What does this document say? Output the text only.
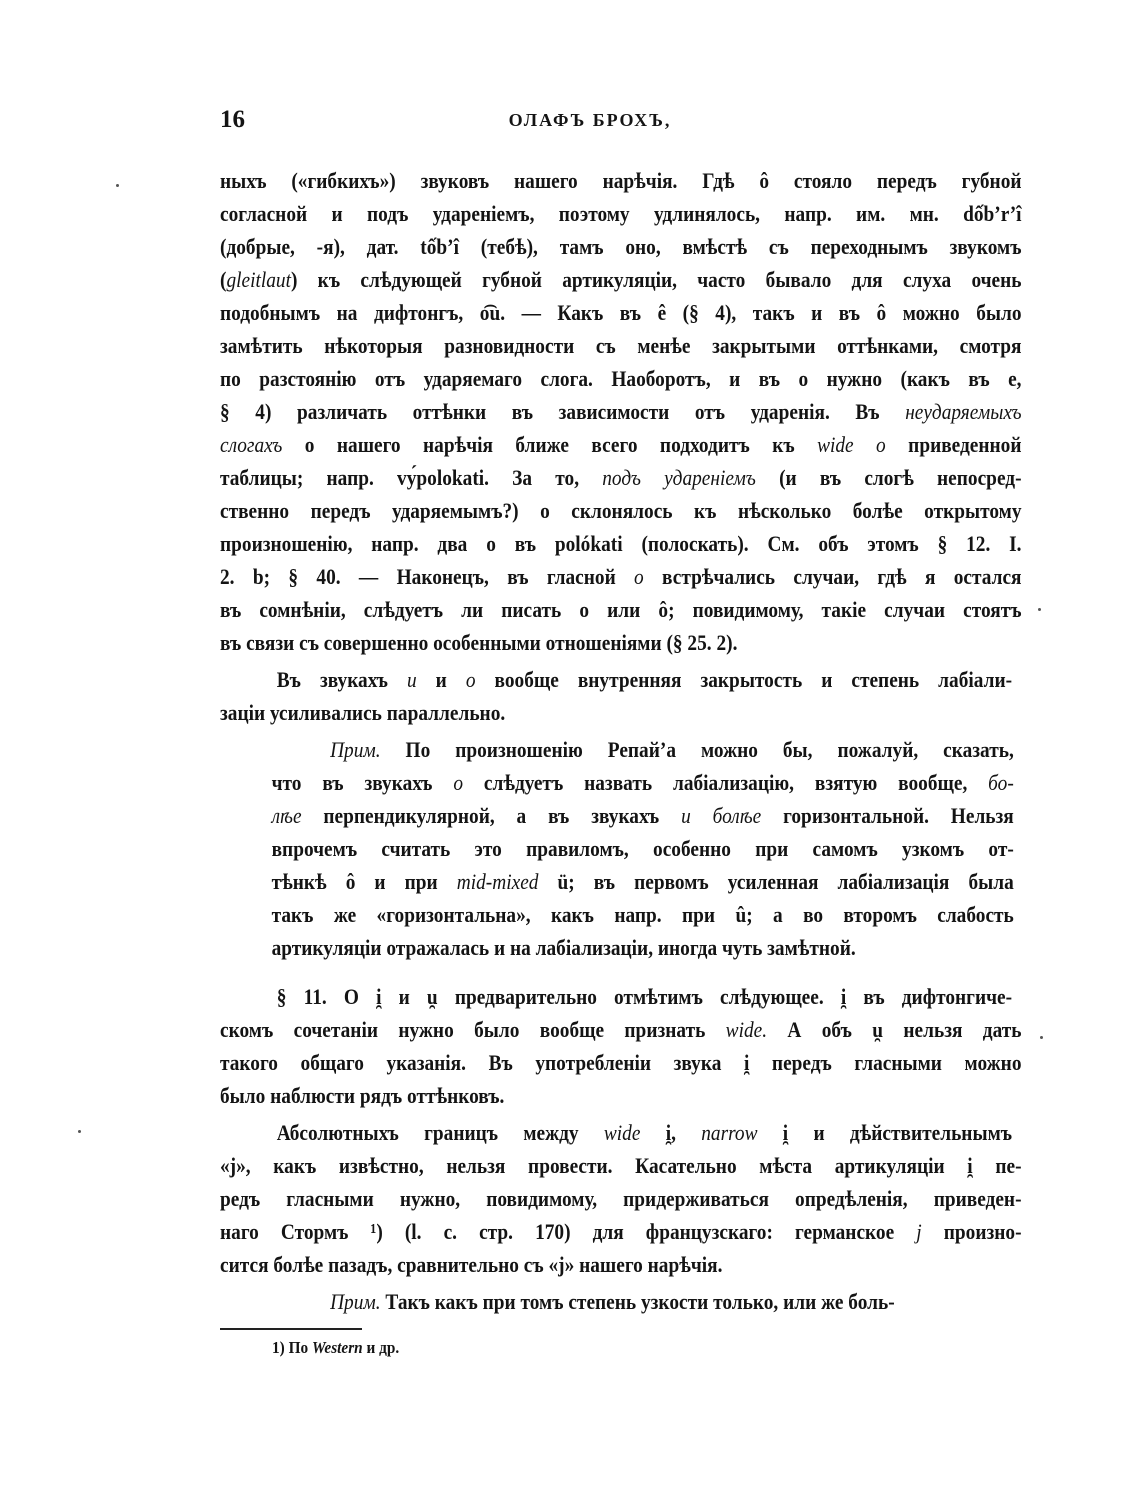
16	ОЛАФЪ БРОХЪ,
ныхъ («гибкихъ») звуковъ нашего нарѣчія. Гдѣ ô стояло передъ губной
согласной и подъ удареніемъ, поэтому удлинялось, напр. им. мн. dốb’r’î
(добрые, -я), дат. tốb’î (тебѣ), тамъ оно, вмѣстѣ съ переходнымъ звукомъ
(gleitlaut) къ слѣдующей губной артикуляціи, часто бывало для слуха очень
подобнымъ на дифтонгъ, o͡u. — Какъ въ ê (§ 4), такъ и въ ô можно было
замѣтить нѣкоторыя разновидности съ менѣе закрытыми оттѣнками, смотря
по разстоянію отъ ударяемаго слога. Наоборотъ, и въ о нужно (какъ въ е,
§ 4) различать оттѣнки въ зависимости отъ ударенія. Въ неударяемыхъ
слогахъ о нашего нарѣчія ближе всего подходитъ къ wide о приведенной
таблицы; напр. vу́polokati. За то, подъ удареніемъ (и въ слогѣ непосред-
ственно передъ ударяемымъ?) о склонялось къ нѣсколько болѣе открытому
произношенію, напр. два о въ polókati (полоскать). См. объ этомъ § 12. I.
2. b; § 40. — Наконецъ, въ гласной о встрѣчались случаи, гдѣ я остался
въ сомнѣніи, слѣдуетъ ли писать о или ô; повидимому, такіе случаи стоятъ
въ связи съ совершенно особенными отношеніями (§ 25. 2).
Въ звукахъ u и о вообще внутренняя закрытость и степень лабіали-
заціи усиливались параллельно.
Прим. По произношенію Репай’а можно бы, пожалуй, сказать,
что въ звукахъ о слѣдуетъ назвать лабіализацію, взятую вообще, бо-
лѣе перпендикулярной, а въ звукахъ u болѣе горизонтальной. Нельзя
впрочемъ считать это правиломъ, особенно при самомъ узкомъ от-
тѣнкѣ ô и при mid-mixed ü; въ первомъ усиленная лабіализація была
такъ же «горизонтальна», какъ напр. при û; а во второмъ слабость
артикуляціи отражалась и на лабіализаціи, иногда чуть замѣтной.
§ 11. О i̯ и u̯ предварительно отмѣтимъ слѣдующее. i̯ въ дифтонгиче-
скомъ сочетаніи нужно было вообще признать wide. А объ u̯ нельзя дать
такого общаго указанія. Въ употребленіи звука i̯ передъ гласными можно
было наблюсти рядъ оттѣнковъ.
Абсолютныхъ границъ между wide i̯, narrow i̯ и дѣйствительнымъ
«j», какъ извѣстно, нельзя провести. Касательно мѣста артикуляціи i̯ пе-
редъ гласными нужно, повидимому, придерживаться опредѣленія, приведен-
наго Стормъ ¹) (l. c. стр. 170) для французскаго: германское j произно-
сится болѣе пазадъ, сравнительно съ «j» нашего нарѣчія.
Прим. Такъ какъ при томъ степень узкости только, или же боль-
1) По Western и др.
